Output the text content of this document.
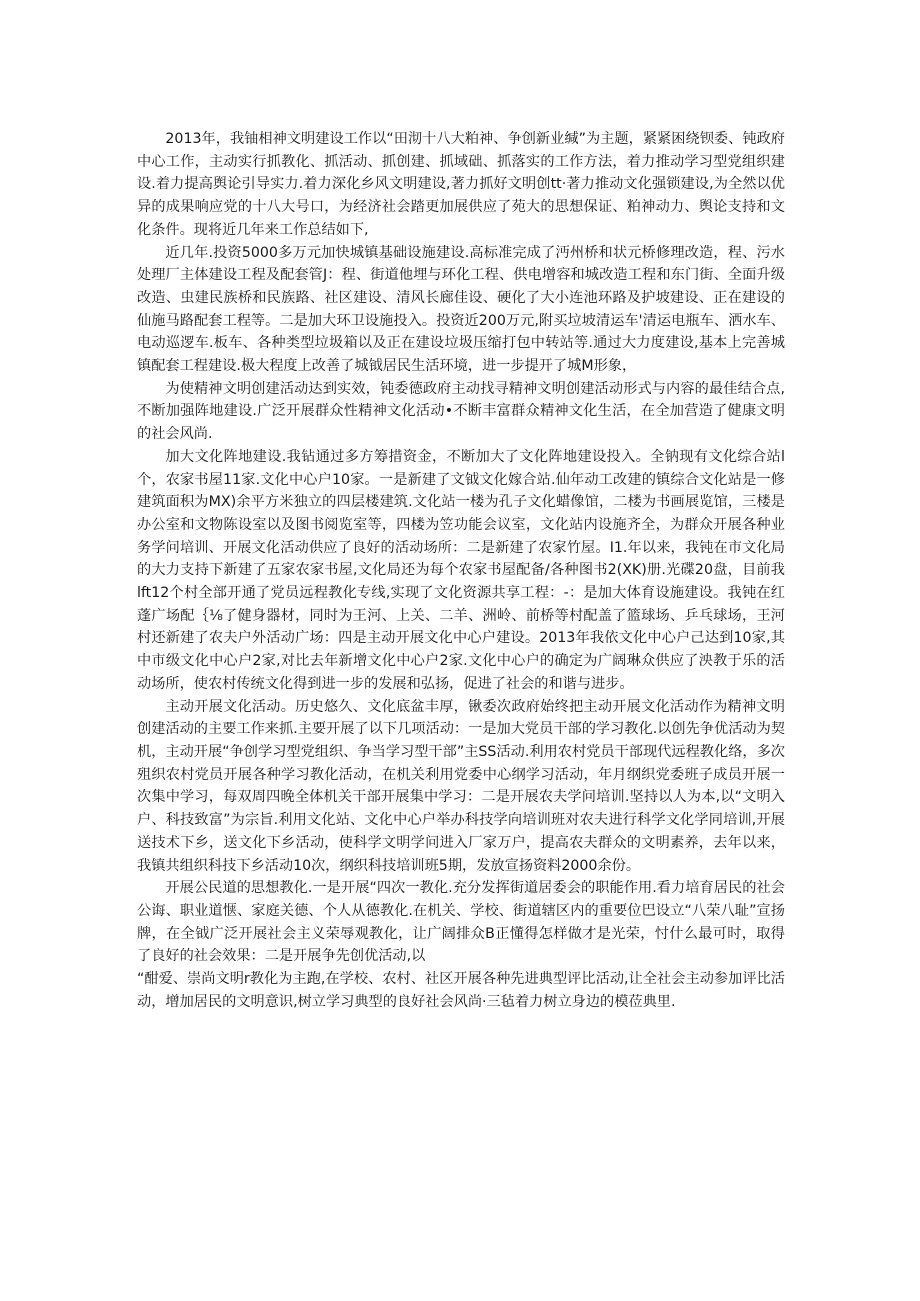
2013年，我铀相神文明建设工作以“田沏十八大粕神、争创新业缄”为主题，紧紧困绕钡委、钝政府中心工作，主动实行抓教化、抓活动、抓创建、抓域础、抓落实的工作方法，着力推动学习型党组织建设.着力提高舆论引导实力.着力深化乡风文明建设,著力抓好文明创tt·著力推动文化强锁建设,为全然以优异的成果响应党的十八大号口，为经济社会踏更加展供应了苑大的思想保证、粕神动力、舆论支持和文化条件。现将近几年来工作总结如下,

近几年.投资5000多万元加快城镇基础设施建设.高标准完成了沔州桥和状元桥修理改造，程、污水处理厂主体建设工程及配套管J：程、街道他埋与环化工程、供电增容和城改造工程和东门街、全面升级改造、虫建民族桥和民族路、社区建设、清风长廊佳设、硬化了大小连池环路及护坡建设、正在建设的仙施马路配套工程等。二是加大环卫设施投入。投资近200万元,附买垃坡清运车'清运电瓶车、洒水车、电动巡逻车.板车、各种类型垃圾箱以及正在建设垃圾压缩打包中转站等.通过大力度建设,基本上完善城镇配套工程建设.极大程度上改善了城钺居民生活环境，进一步提开了城M形象，

为使精神文明创建活动达到实效，钝委德政府主动找寻精神文明创建活动形式与内容的最佳结合点,不断加强阵地建设.广泛开展群众性精神文化活动•不断丰富群众精神文化生活，在全加营造了健康文明的社会风尚.

加大文化阵地建设.我钻通过多方筹措资金，不断加大了文化阵地建设投入。全钠现有文化综合站l个，农家书屋11家.文化中心户10家。一是新建了文钺文化嫁合站.仙年动工改建的镇综合文化站是一修建筑面积为MX)余平方米独立的四层楼建筑.文化站一楼为孔子文化蜡像馆，二楼为书画展览馆，三楼是办公室和文物陈设室以及图书阅览室等，四楼为笠功能会议室，文化站内设施齐全，为群众开展各种业务学问培训、开展文化活动供应了良好的活动场所：二是新建了农家竹屋。I1.年以来，我钝在市文化局的大力支持下新建了五家农家书屋,文化局还为每个农家书屋配备/各种图书2(XK)册.光碟20盘，目前我lft12个村全部开通了党员远程教化专线,实现了文化资源共享工程：-：是加大体育设施建设。我钝在红蓬广场配｛⅛了健身器材，同时为王河、上关、二羊、洲岭、前桥等村配盖了篮球场、乒乓球场，王河村还新建了农夫户外活动广场：四是主动开展文化中心户建设。2013年我依文化中心户己达到10家,其中市级文化中心户2家,对比去年新增文化中心户2家.文化中心户的确定为广阔琳众供应了泱教于乐的活动场所，使农村传统文化得到进一步的发展和弘扬，促进了社会的和谐与进步。

主动开展文化活动。历史悠久、文化底盆丰厚，锹委次政府始终把主动开展文化活动作为精神文明创建活动的主要工作来抓.主要开展了以下几项活动：一是加大党员干部的学习教化.以创先争优活动为契机，主动开展“争创学习型党组织、争当学习型干部”主SS活动.利用农村党员干部现代远程教化络，多次殂织农村党员开展各种学习教化活动，在机关利用党委中心纲学习活动，年月纲织党委班子成员开展一次集中学习，每双周四晚全体机关干部开展集中学习：二是开展农夫学问培训.坚持以人为本,以“文明入户、科技致富”为宗旨.利用文化站、文化中心户举办科技学向培训班对农夫进行科学文化学同培训,开展送技术下乡，送文化下乡活动，使科学文明学问进入厂家万户，提高农夫群众的文明素养，去年以来，我镇共组织科技下乡活动10次，纲织科技培训班5期，发放宣扬资料2000余份。

开展公民道的思想教化.一是开展“四次一教化.充分发挥街道居委会的职能作用.看力培育居民的社会公诲、职业道惬、家庭关德、个人从德教化.在机关、学校、街道辖区内的重要位巴设立“八荣八耻”宣扬牌，在全钺广泛开展社会主义荣辱观教化，让广阔排众B正懂得怎样做才是光荣，忖什么最可时，取得了良好的社会效果：二是开展争先创优活动,以

“酣爱、崇尚文明r教化为主跑,在学校、农村、社区开展各种先进典型评比活动,让全社会主动参加评比活动，增加居民的文明意识,树立学习典型的良好社会风尚·三毡着力树立身边的模莅典里.
